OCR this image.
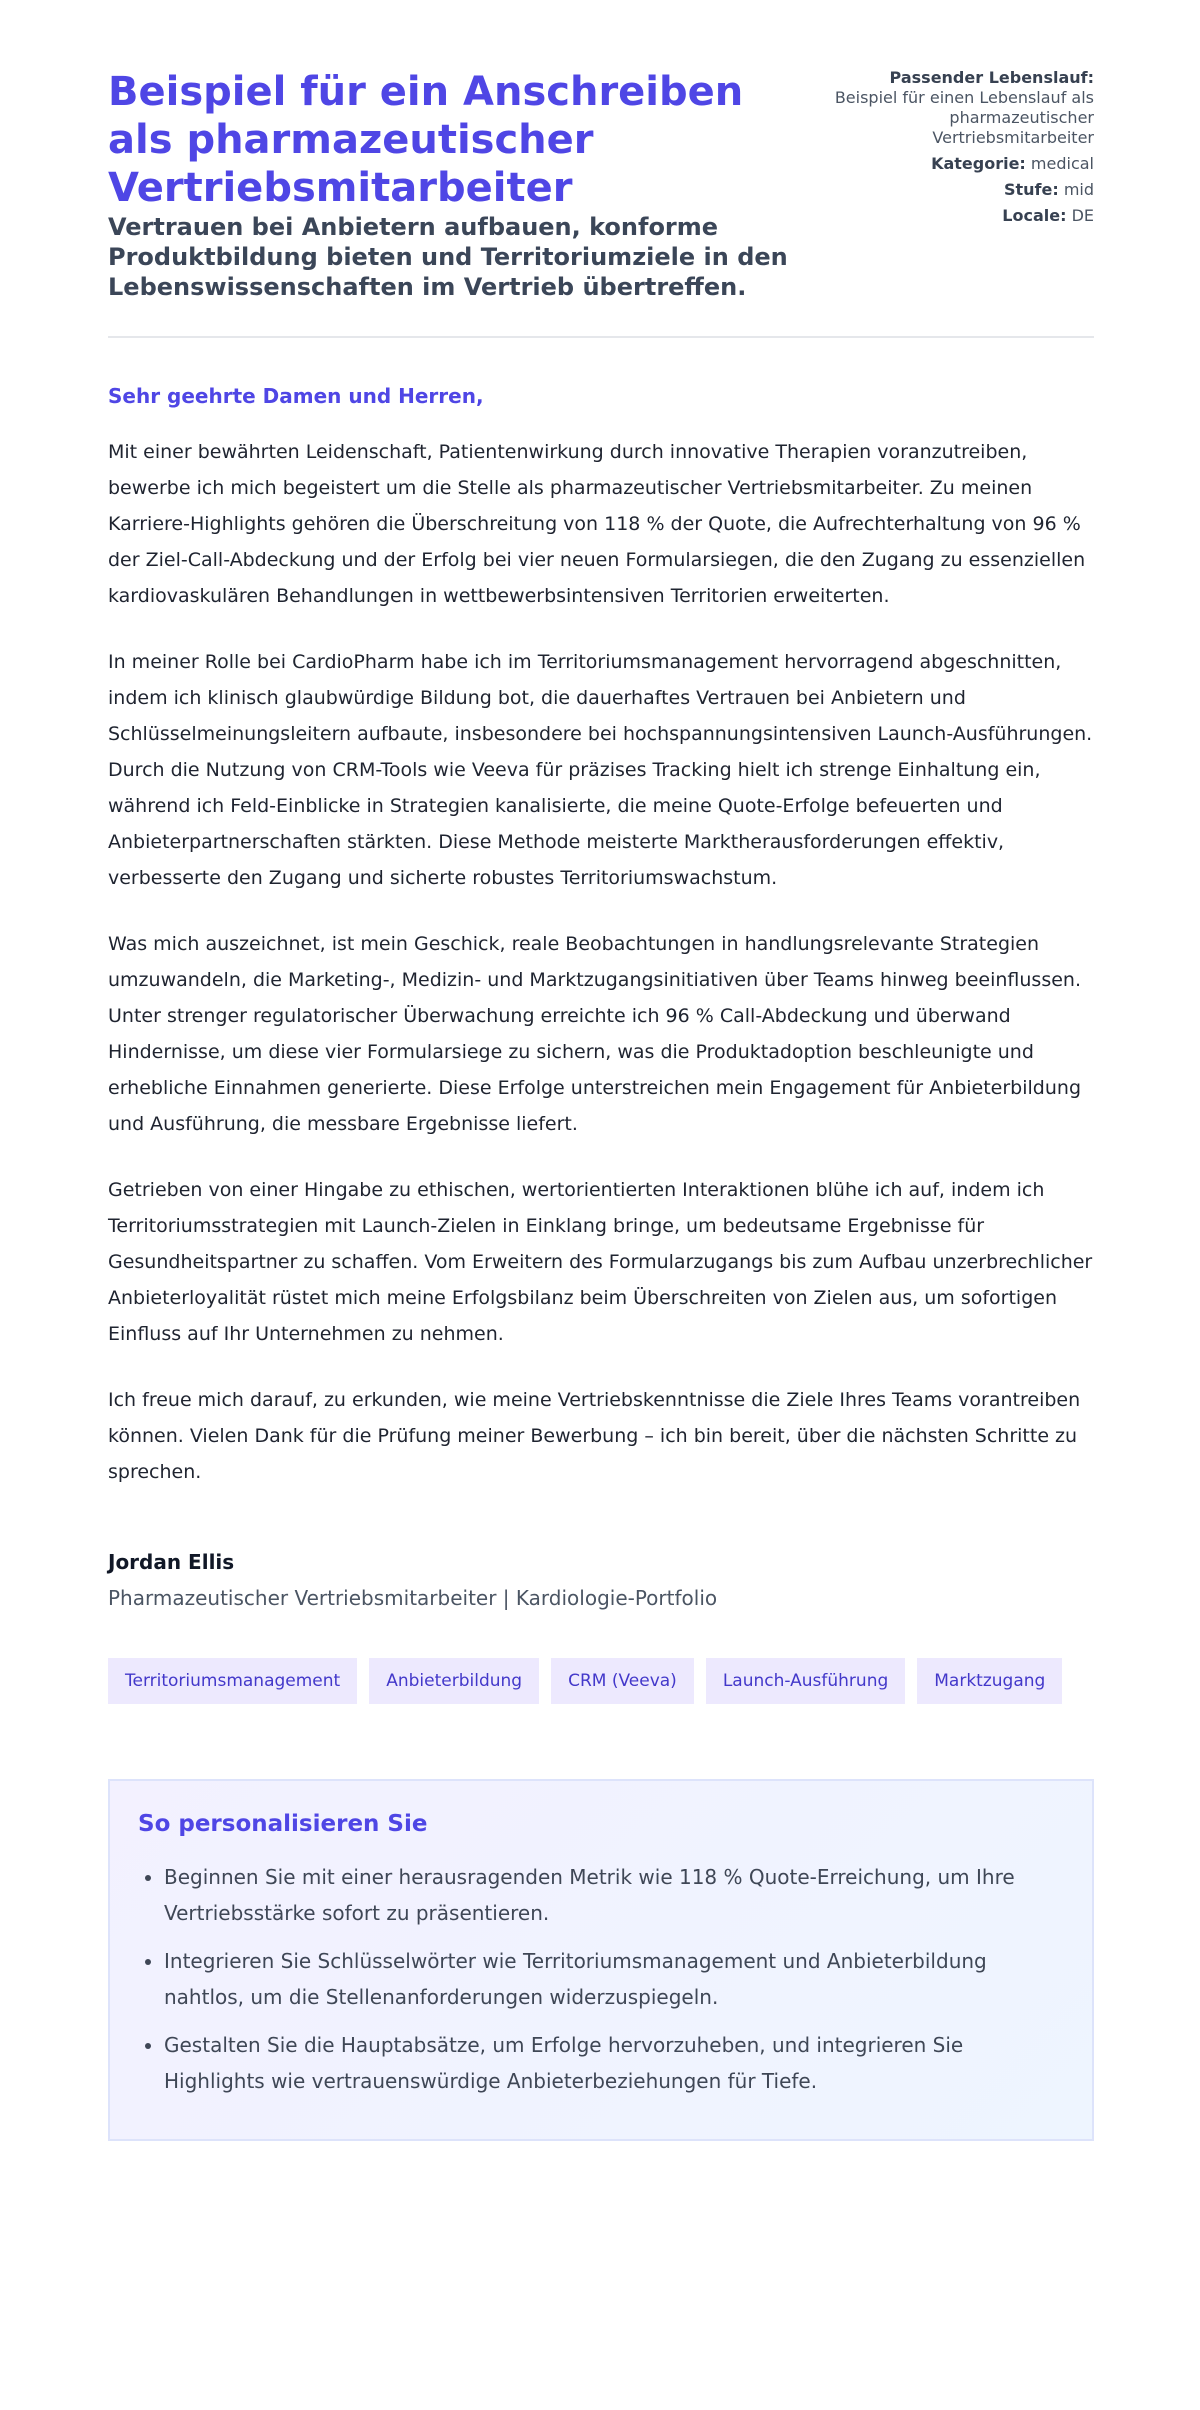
Beispiel für ein Anschreiben als pharmazeutischer Vertriebsmitarbeiter
Vertrauen bei Anbietern aufbauen, konforme Produktbildung bieten und Territoriumziele in den Lebenswissenschaften im Vertrieb übertreffen.
Passender Lebenslauf:
Beispiel für einen Lebenslauf als pharmazeutischer Vertriebsmitarbeiter
Kategorie: medical
Stufe: mid
Locale: DE
Sehr geehrte Damen und Herren,

Mit einer bewährten Leidenschaft, Patientenwirkung durch innovative Therapien voranzutreiben, bewerbe ich mich begeistert um die Stelle als pharmazeutischer Vertriebsmitarbeiter. Zu meinen Karriere-Highlights gehören die Überschreitung von 118 % der Quote, die Aufrechterhaltung von 96 % der Ziel-Call-Abdeckung und der Erfolg bei vier neuen Formularsiegen, die den Zugang zu essenziellen kardiovaskulären Behandlungen in wettbewerbsintensiven Territorien erweiterten.

In meiner Rolle bei CardioPharm habe ich im Territoriumsmanagement hervorragend abgeschnitten, indem ich klinisch glaubwürdige Bildung bot, die dauerhaftes Vertrauen bei Anbietern und Schlüsselmeinungsleitern aufbaute, insbesondere bei hochspannungsintensiven Launch-Ausführungen. Durch die Nutzung von CRM-Tools wie Veeva für präzises Tracking hielt ich strenge Einhaltung ein, während ich Feld-Einblicke in Strategien kanalisierte, die meine Quote-Erfolge befeuerten und Anbieterpartnerschaften stärkten. Diese Methode meisterte Marktherausforderungen effektiv, verbesserte den Zugang und sicherte robustes Territoriumswachstum.

Was mich auszeichnet, ist mein Geschick, reale Beobachtungen in handlungsrelevante Strategien umzuwandeln, die Marketing-, Medizin- und Marktzugangsinitiativen über Teams hinweg beeinflussen. Unter strenger regulatorischer Überwachung erreichte ich 96 % Call-Abdeckung und überwand Hindernisse, um diese vier Formularsiege zu sichern, was die Produktadoption beschleunigte und erhebliche Einnahmen generierte. Diese Erfolge unterstreichen mein Engagement für Anbieterbildung und Ausführung, die messbare Ergebnisse liefert.

Getrieben von einer Hingabe zu ethischen, wertorientierten Interaktionen blühe ich auf, indem ich Territoriumsstrategien mit Launch-Zielen in Einklang bringe, um bedeutsame Ergebnisse für Gesundheitspartner zu schaffen. Vom Erweitern des Formularzugangs bis zum Aufbau unzerbrechlicher Anbieterloyalität rüstet mich meine Erfolgsbilanz beim Überschreiten von Zielen aus, um sofortigen Einfluss auf Ihr Unternehmen zu nehmen.

Ich freue mich darauf, zu erkunden, wie meine Vertriebskenntnisse die Ziele Ihres Teams vorantreiben können. Vielen Dank für die Prüfung meiner Bewerbung – ich bin bereit, über die nächsten Schritte zu sprechen.

Jordan Ellis
Pharmazeutischer Vertriebsmitarbeiter | Kardiologie-Portfolio
Territoriumsmanagement	Anbieterbildung	CRM (Veeva)	Launch-Ausführung	Marktzugang
So personalisieren Sie
• Beginnen Sie mit einer herausragenden Metrik wie 118 % Quote-Erreichung, um Ihre Vertriebsstärke sofort zu präsentieren.
• Integrieren Sie Schlüsselwörter wie Territoriumsmanagement und Anbieterbildung nahtlos, um die Stellenanforderungen widerzuspiegeln.
• Gestalten Sie die Hauptabsätze, um Erfolge hervorzuheben, und integrieren Sie Highlights wie vertrauenswürdige Anbieterbeziehungen für Tiefe.
